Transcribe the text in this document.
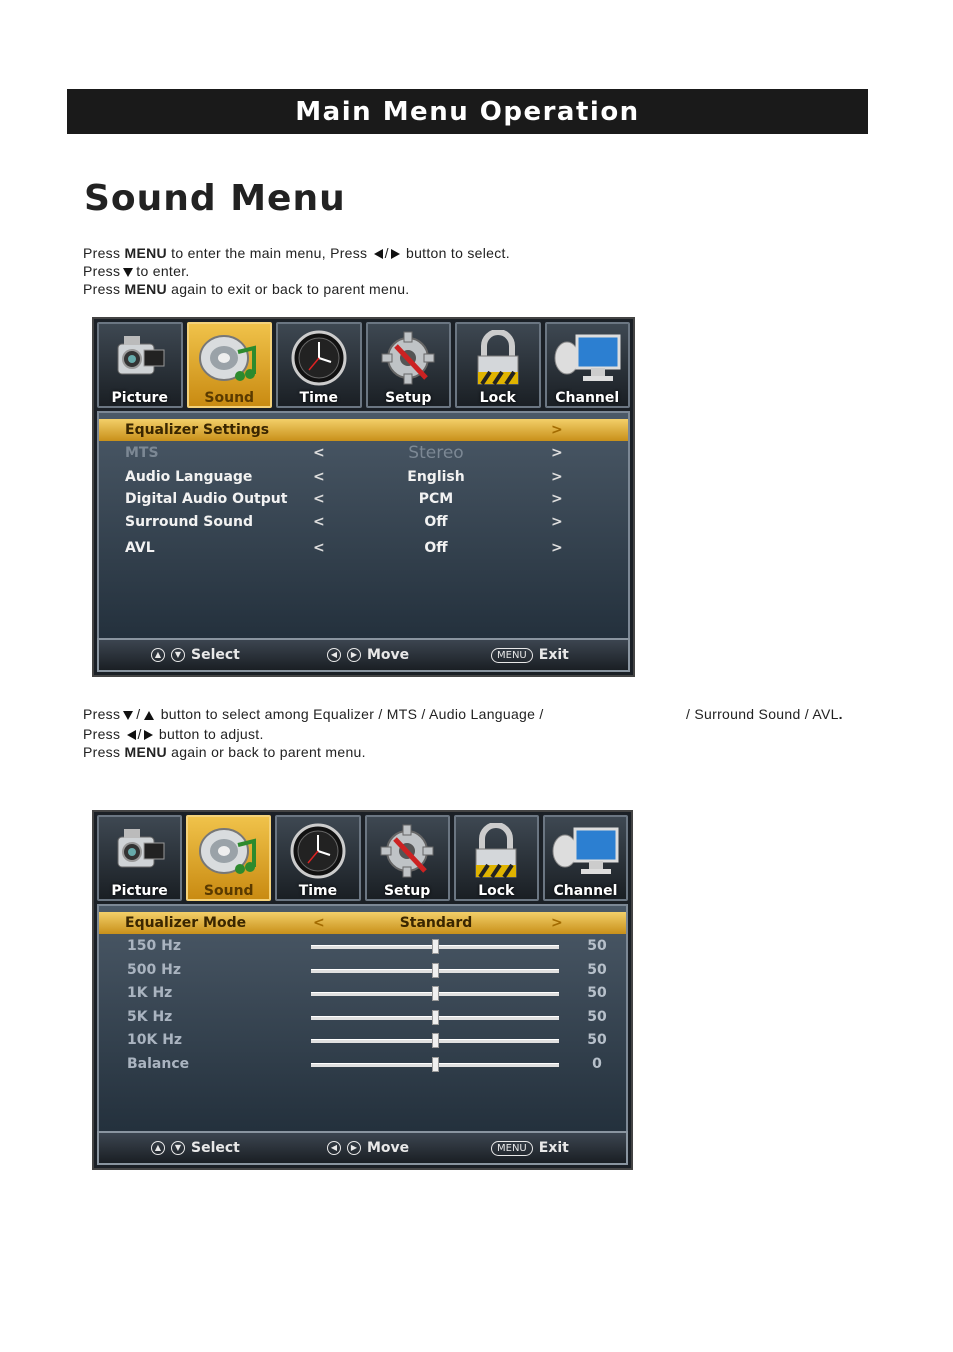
Main Menu Operation
Sound Menu
Press MENU to enter the main menu, Press / button to select.
Press to enter.
Press MENU again to exit or back to parent menu.
Picture	Sound	Time	Setup	Lock	Channel
Equalizer Settings	>
MTS	<	Stereo	>
Audio Language	<	English	>
Digital Audio Output <	PCM	>
Surround Sound	<	Off	>
AVL	<	Off	>
▲	▼ Select	◀	▶ Move	MENU Exit
Press / button to select among Equalizer / MTS / Audio Language /	/ Surround Sound / AVL.
Press / button to adjust.
Press MENU again or back to parent menu.
Picture	Sound	Time	Setup	Lock	Channel
Equalizer Mode	<	Standard	>
150 Hz	50
500 Hz	50
1K Hz	50
5K Hz	50
10K Hz	50
Balance	0
▲	▼ Select	◀	▶ Move	MENU Exit
